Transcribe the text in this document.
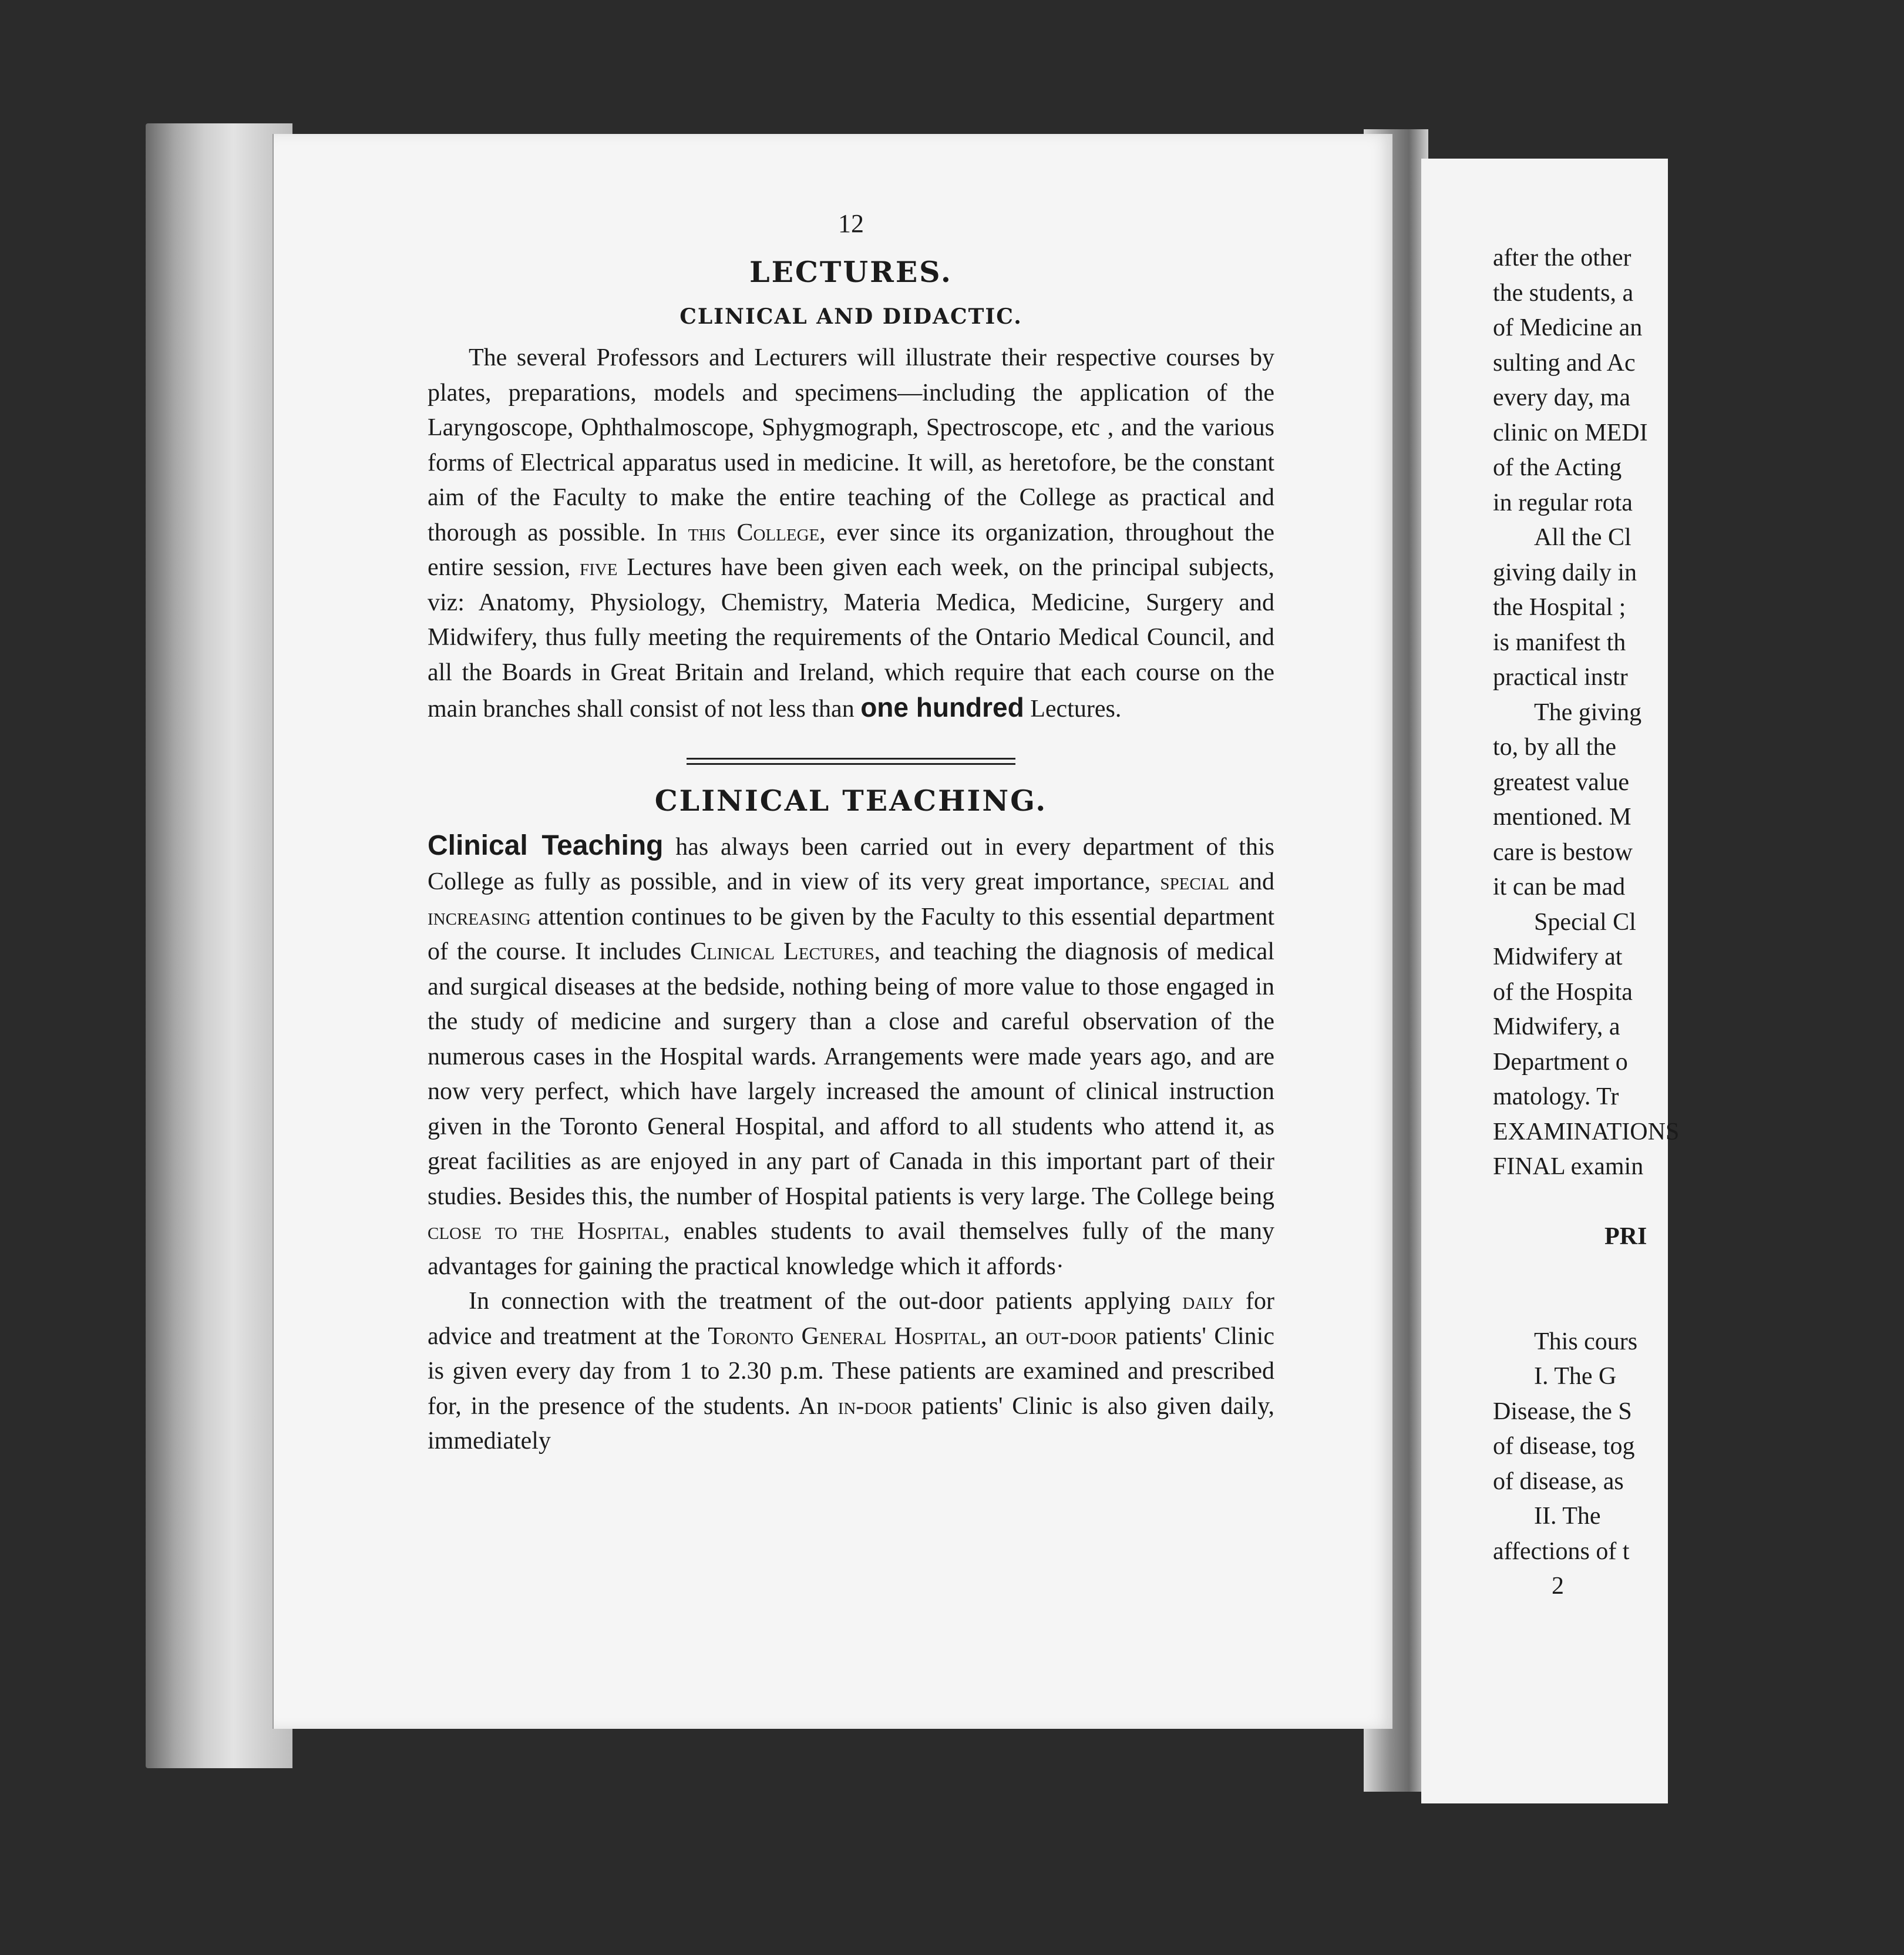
after the other
the students, a
of Medicine an
sulting and Ac
every day, ma
clinic on MEDI
of the Acting
in regular rota
All the Cl
giving daily in
the Hospital ;
is manifest th
practical instr
The giving
to, by all the
greatest value
mentioned. M
care is bestow
it can be mad
Special Cl
Midwifery at
of the Hospita
Midwifery, a
Department o
matology. Tr
EXAMINATIONS
FINAL examin
PRI
This cours
I. The G
Disease, the S
of disease, tog
of disease, as
II. The
affections of t
2
12
LECTURES.
CLINICAL AND DIDACTIC.

The several Professors and Lecturers will illustrate their respective courses by plates, preparations, models and specimens—including the application of the Laryngoscope, Ophthalmoscope, Sphygmograph, Spectroscope, etc , and the various forms of Electrical apparatus used in medicine. It will, as heretofore, be the constant aim of the Faculty to make the entire teaching of the College as practical and thorough as possible. In this College, ever since its organization, throughout the entire session, five Lectures have been given each week, on the principal subjects, viz: Anatomy, Physiology, Chemistry, Materia Medica, Medicine, Surgery and Midwifery, thus fully meeting the requirements of the Ontario Medical Council, and all the Boards in Great Britain and Ireland, which require that each course on the main branches shall consist of not less than one hundred Lectures.

CLINICAL TEACHING.

Clinical Teaching has always been carried out in every department of this College as fully as possible, and in view of its very great importance, special and increasing attention continues to be given by the Faculty to this essential department of the course. It includes Clinical Lectures, and teaching the diagnosis of medical and surgical diseases at the bedside, nothing being of more value to those engaged in the study of medicine and surgery than a close and careful observation of the numerous cases in the Hospital wards. Arrangements were made years ago, and are now very perfect, which have largely increased the amount of clinical instruction given in the Toronto General Hospital, and afford to all students who attend it, as great facilities as are enjoyed in any part of Canada in this important part of their studies. Besides this, the number of Hospital patients is very large. The College being close to the Hospital, enables students to avail themselves fully of the many advantages for gaining the practical knowledge which it affords·

In connection with the treatment of the out-door patients applying daily for advice and treatment at the Toronto General Hospital, an out-door patients' Clinic is given every day from 1 to 2.30 p.m. These patients are examined and prescribed for, in the presence of the students. An in-door patients' Clinic is also given daily, immediately
